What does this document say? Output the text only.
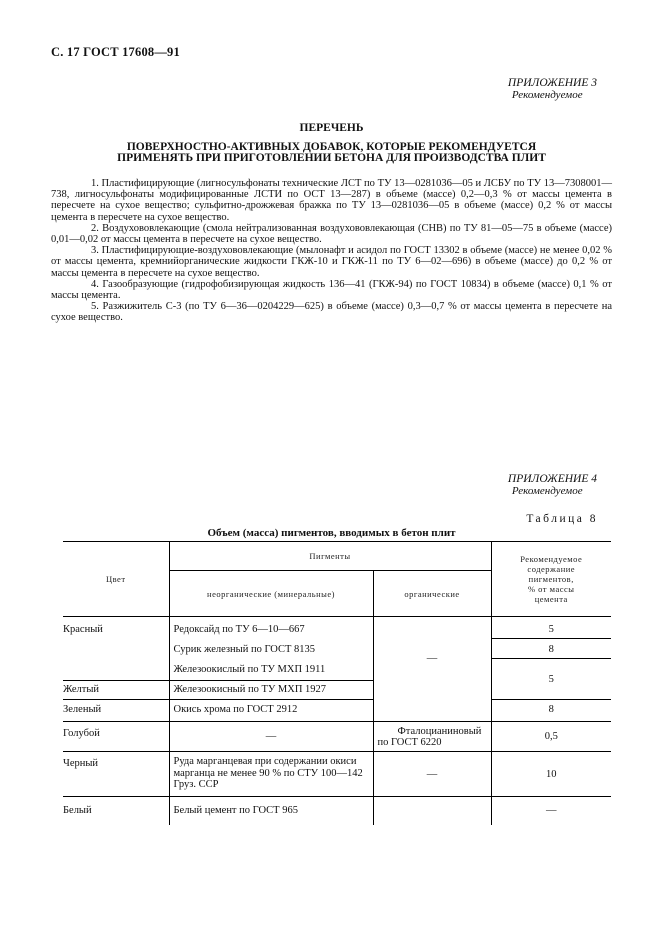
С. 17 ГОСТ 17608—91
ПРИЛОЖЕНИЕ 3
Рекомендуемое
ПЕРЕЧЕНЬ
ПОВЕРХНОСТНО-АКТИВНЫХ ДОБАВОК, КОТОРЫЕ РЕКОМЕНДУЕТСЯ
ПРИМЕНЯТЬ ПРИ ПРИГОТОВЛЕНИИ БЕТОНА ДЛЯ ПРОИЗВОДСТВА ПЛИТ

1. Пластифицирующие (лигносульфонаты технические ЛСТ по ТУ 13—0281036—05 и ЛСБУ по ТУ 13—7308001—738, лигносульфонаты модифицированные ЛСТИ по ОСТ 13—287) в объеме (массе) 0,2—0,3 % от массы цемента в пересчете на сухое вещество; сульфитно-дрожжевая бражка по ТУ 13—0281036—05 в объеме (массе) 0,2 % от массы цемента в пересчете на сухое вещество.

2. Воздухововлекающие (смола нейтрализованная воздухововлекающая (СНВ) по ТУ 81—05—75 в объеме (массе) 0,01—0,02 от массы цемента в пересчете на сухое вещество.

3. Пластифицирующие-воздухововлекающие (мылонафт и асидол по ГОСТ 13302 в объеме (массе) не менее 0,02 % от массы цемента, кремнийорганические жидкости ГКЖ-10 и ГКЖ-11 по ТУ 6—02—696) в объеме (массе) до 0,2 % от массы цемента в пересчете на сухое вещество.

4. Газообразующие (гидрофобизирующая жидкость 136—41 (ГКЖ-94) по ГОСТ 10834) в объеме (массе) 0,1 % от массы цемента.

5. Разжижитель С-3 (по ТУ 6—36—0204229—625) в объеме (массе) 0,3—0,7 % от массы цемента в пересчете на сухое вещество.

ПРИЛОЖЕНИЕ 4
Рекомендуемое
Таблица 8
Объем (масса) пигментов, вводимых в бетон плит
Цвет	Пигменты		Рекомендуемое
содержание
пигментов,
% от массы
цемента

	неорганические (минеральные)	органические	
Красный	Редоксайд по ТУ 6—10—667	—	5
	Сурик железный по ГОСТ 8135		8
	Железоокислый по ТУ МХП 1911		5
Желтый	Железоокисный по ТУ МХП 1927		
Зеленый	Окись хрома по ГОСТ 2912		8
Голубой	—	Фталоцианиновый
по ГОСТ 6220	0,5
Черный	Руда марганцевая при содержании окиси
марганца не менее 90 % по СТУ 100—142
Груз. ССР	—	10
Белый	Белый цемент по ГОСТ 965		—
